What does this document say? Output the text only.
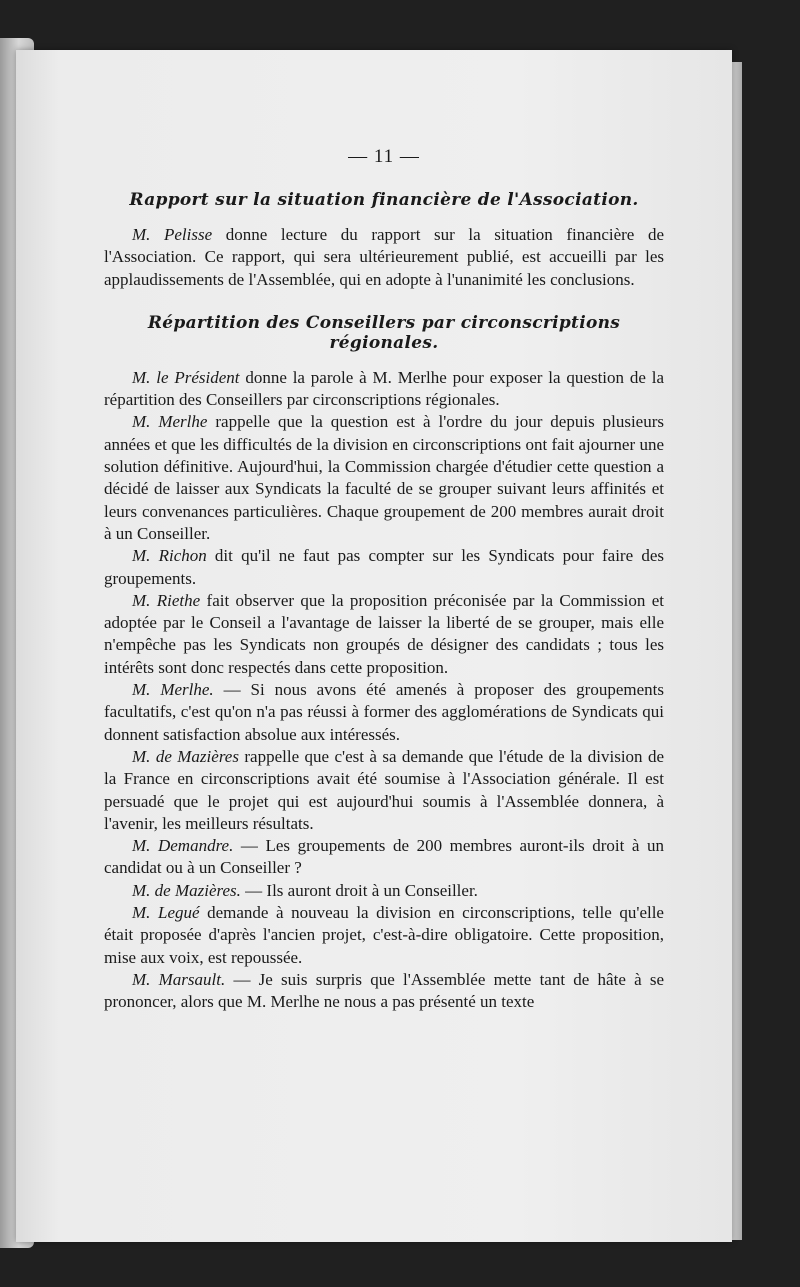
— 11 —
Rapport sur la situation financière de l'Association.

M. Pelisse donne lecture du rapport sur la situation financière de l'Association. Ce rapport, qui sera ultérieurement publié, est accueilli par les applaudissements de l'Assemblée, qui en adopte à l'unanimité les conclusions.

Répartition des Conseillers par circonscriptions régionales.

M. le Président donne la parole à M. Merlhe pour exposer la question de la répartition des Conseillers par circonscriptions régionales.

M. Merlhe rappelle que la question est à l'ordre du jour depuis plusieurs années et que les difficultés de la division en circonscriptions ont fait ajourner une solution définitive. Aujourd'hui, la Commission chargée d'étudier cette question a décidé de laisser aux Syndicats la faculté de se grouper suivant leurs affinités et leurs convenances particulières. Chaque groupement de 200 membres aurait droit à un Conseiller.

M. Richon dit qu'il ne faut pas compter sur les Syndicats pour faire des groupements.

M. Riethe fait observer que la proposition préconisée par la Commission et adoptée par le Conseil a l'avantage de laisser la liberté de se grouper, mais elle n'empêche pas les Syndicats non groupés de désigner des candidats ; tous les intérêts sont donc respectés dans cette proposition.

M. Merlhe. — Si nous avons été amenés à proposer des groupements facultatifs, c'est qu'on n'a pas réussi à former des agglomérations de Syndicats qui donnent satisfaction absolue aux intéressés.

M. de Mazières rappelle que c'est à sa demande que l'étude de la division de la France en circonscriptions avait été soumise à l'Association générale. Il est persuadé que le projet qui est aujourd'hui soumis à l'Assemblée donnera, à l'avenir, les meilleurs résultats.

M. Demandre. — Les groupements de 200 membres auront-ils droit à un candidat ou à un Conseiller ?

M. de Mazières. — Ils auront droit à un Conseiller.

M. Legué demande à nouveau la division en circonscriptions, telle qu'elle était proposée d'après l'ancien projet, c'est-à-dire obligatoire. Cette proposition, mise aux voix, est repoussée.

M. Marsault. — Je suis surpris que l'Assemblée mette tant de hâte à se prononcer, alors que M. Merlhe ne nous a pas présenté un texte
